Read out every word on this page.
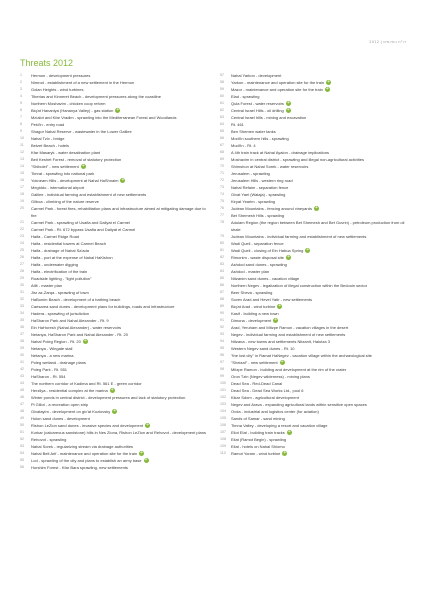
2012 | דו"ח האיומים
Threats 2012
1	Hermon - development pressures
2	Nimrod - establishment of a new settlement in the Hermon
3	Golan Heights - wind turbines
4	Tiberias and Kinneret Beach - development pressures along the coastline
5	Northern Moshavim - chicken coop reform
6	Biq'at Hananiya (Hananya Valley) - gas station+
7	Ma'alot and Kfar Vradim - sprawling into the Mediterranean Forest and Woodlands
8	Peki'in - entry road
9	Shagor Nahal Reserve - wastewater in the Lower Galilee
10	Nahal Tziv - bridge
11	Betzet Beach - hotels
12	Kfar Masaryk - water desalination plant
13	Beit Keshet Forest - removal of statutory protection
14	"Shibolet" - new settlement+
15	Timrat - sprawling into national park
16	Yokneam Hills - development at Nahal HaShnaim+
17	Megiddo - international airport
18	Galilee - individual farming and establishment of new settlements
19	Gilboa - climbing of the nature reserve
20	Carmel Park - forest fires, rehabilitation plans and infrastructure aimed at mitigating damage due to fire
21	Carmel Park - sprawling of Usafia and Daliyat el Carmel
22	Carmel Park - Rt. 672 bypass Usafia and Daliyat el Carmel
23	Haifa - Carmel Ridge Road
24	Haifa - residential towers at Carmel Beach
25	Haifa - drainage of Nahal Sa'ada
26	Haifa - port at the expense of Nahal HaKishon
27	Haifa - underwater digging
28	Haifa - electrification of the train
29	Roadside lighting - "light pollution"
30	Atlit - master plan
31	Jisr az-Zarqa - sprawling of town
32	HaBonim Beach - development of a bathing beach
33	Caesarea sand dunes - development plans for buildings, roads and infrastructure
34	Hadera - sprawling of jurisdiction
35	HaSharon Park and Nahal Alexander - Rt. 9
36	Ein HaHoresh (Nahal Alexander) - water reservoirs
37	Netanya, HaSharon Park and Nahal Alexander - Rt. 20
38	Nahal Poleg Region - Rt. 20+
39	Netanya - Wingate stall
40	Netanya - a new marina
41	Poleg wetland - drainage plans
42	Poleg Park - Rt. 551
43	HaSharon - Rt. 554
44	The northern corridor of Kadima and Rt. 561 E - green corridor
45	Herzliya - residential complex at the marina+
46	Winter ponds in central district - development pressures and lack of statutory protection
47	Pi Glilot - a recreation open strip
48	Givatayim - development on giv'at Kozlovsky+
49	Holon sand dunes - development
50	Rishon LeZion sand dunes - invasive species and development+
51	Kurkar (calcareous sandstone) hills in Nes Ziona, Rishon LeZion and Rehovot - development plans
52	Rehovot - sprawling
53	Nahal Sorek - regularizing stream via drainage authorities
54	Nahal Beit Arif - maintenance and operation site for the train+
55	Lod - sprawling of the city and plans to establish an army base+
56	Horshim Forest - Kfar Bara sprawling, new settlements
57	Nahal Yarkon - development
58	Yarkon - maintenance and operation site for the train+
59	Mazor - maintenance and operation site for the train+
60	Elad - sprawling
61	Qula Forest - water reservoirs+
62	Central Israel Hills - oil drilling+
63	Central Israel hills - mining and excavation
64	Rt. 461
65	Ben Shemen water tanks
66	Modi'in southern hills - sprawling
67	Modi'in - Rt. 4
68	A 4th train track at Nahal Ayalon - drainage implications
69	Moshavim in central district - sprawling and illegal non-agricultural activities
70	Shimshon at Nahal Sorek - water reservoirs
71	Jerusalem - sprawling
72	Jerusalem Hills - western ring road
73	Nahal Refaim - separation fence
74	Givat Yael (Walaja) - sprawling
75	Kiryat Yearim - sprawling
76	Judean Mountains - fencing around vineyards+
77	Bet Shemesh Hills - sprawling
78	Adulam Region (the region between Bet Shemesh and Bet Guvrin) - petroleum production from oil shale
79	Judean Mountains - individual farming and establishment of new settlements
80	Wadi Queli - separation fence
81	Wadi Queli - closing of Ein Habua Spring+
82	Rimonim - waste disposal site+
83	Ashdod sand dunes - sprawling
84	Ashdod - master plan
85	Nitzanim sand dunes - vacation village
86	Northern Negev - legalization of illegal construction within the Bedouin sector
87	Beer Sheva - sprawling
88	Sovev Arad and Hevel Yatir - new settlements
89	Biq'at Arad - wind turbine+
90	Kasif - building a new town
91	Dimona - development+
92	Arad, Yeruham and Mitzpe Ramon - vacation villages in the desert
93	Negev - individual farming and establishment of new settlements
94	Nitzana - new towns and settlements Nitzanit, Halutza 3
95	Western Negev sand dunes - Rt. 10
96	"the lost city" in Ramat HaNegev - vacation village within the archaeological site
97	"Sheizaf" - new settlement+
98	Mitzpe Ramon - building and development at the rim of the crater
99	Oron Tzin (Negev wilderness) - mining plans
100	Dead Sea - Red-Dead Canal
101	Dead Sea - Dead Sea Works Ltd., pool 6
102	Kikar Sdom - agricultural development
103	Negev and Arava - expanding agricultural lands within sensitive open spaces
104	Ovda - industrial and logistics center (for aviation)
105	Sands of Samar - sand mining
106	Timna Valley - developing a resort and vacation village
107	Eliot Elat - building train tracks+
108	Eilat (Ramot Begin) - sprawling
109	Eilat - hotels on Nahal Shlomo
110	Ramot Yoram - wind turbine+
